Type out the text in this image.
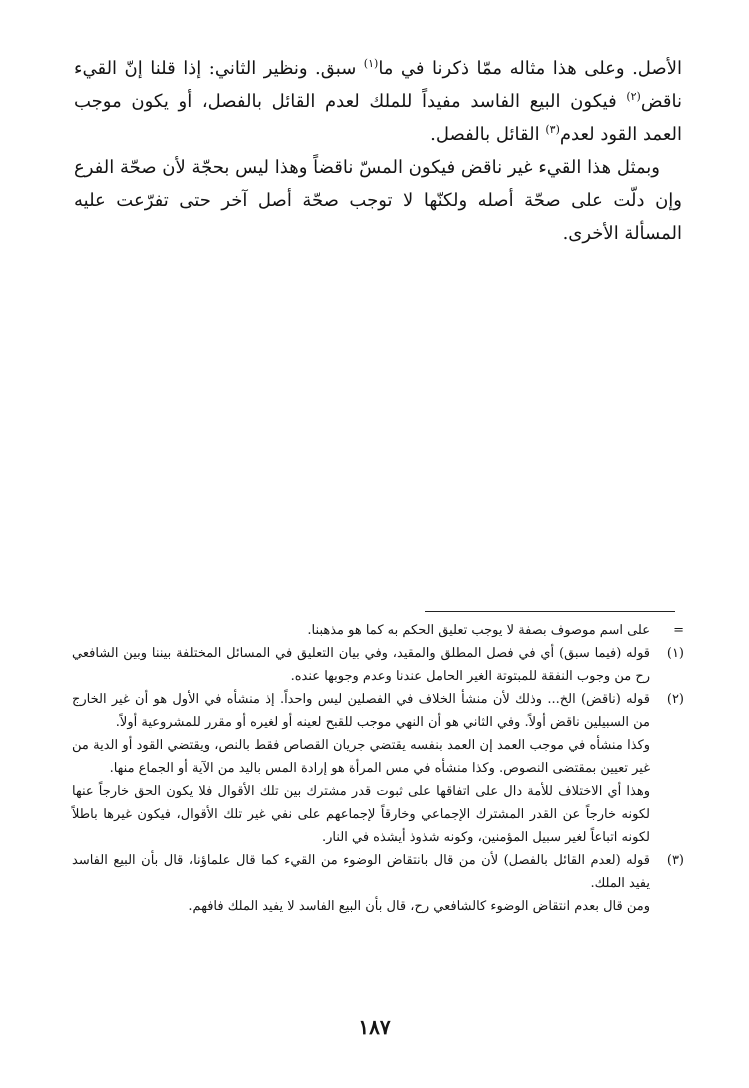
الأصل. وعلى هذا مثاله ممّا ذكرنا في ما$^{(١)}$ سبق. ونظير الثاني: إذا قلنا إنّ القيء ناقض$^{(٢)}$ فيكون البيع الفاسد مفيداً للملك لعدم القائل بالفصل، أو يكون موجب العمد القود لعدم$^{(٣)}$ القائل بالفصل.

وبمثل هذا القيء غير ناقض فيكون المسّ ناقضاً وهذا ليس بحجّة لأن صحّة الفرع وإن دلّت على صحّة أصله ولكنّها لا توجب صحّة أصل آخر حتى تفرّعت عليه المسألة الأخرى.

=
على اسم موصوف بصفة لا يوجب تعليق الحكم به كما هو مذهبنا.
(١)
قوله (فيما سبق) أي في فصل المطلق والمقيد، وفي بيان التعليق في المسائل المختلفة بيننا وبين الشافعي رح من وجوب النفقة للمبتوتة الغير الحامل عندنا وعدم وجوبها عنده.
(٢)

قوله (ناقض) الخ... وذلك لأن منشأ الخلاف في الفصلين ليس واحداً. إذ منشأه في الأول هو أن غير الخارج من السبيلين ناقض أولاً. وفي الثاني هو أن النهي موجب للقبح لعينه أو لغيره أو مقرر للمشروعية أولاً.

وكذا منشأه في موجب العمد إن العمد بنفسه يقتضي جريان القصاص فقط بالنص، ويقتضي القود أو الدية من غير تعيين بمقتضى النصوص. وكذا منشأه في مس المرأة هو إرادة المس باليد من الآية أو الجماع منها.

وهذا أي الاختلاف للأمة دال على اتفاقها على ثبوت قدر مشترك بين تلك الأقوال فلا يكون الحق خارجاً عنها لكونه خارجاً عن القدر المشترك الإجماعي وخارقاً لإجماعهم على نفي غير تلك الأقوال، فيكون غيرها باطلاً لكونه اتباعاً لغير سبيل المؤمنين، وكونه شذوذ أيشذه في النار.

(٣)

قوله (لعدم القائل بالفصل) لأن من قال بانتقاض الوضوء من القيء كما قال علماؤنا، قال بأن البيع الفاسد يفيد الملك.

ومن قال بعدم انتقاض الوضوء كالشافعي رح، قال بأن البيع الفاسد لا يفيد الملك فافهم.

١٨٧
